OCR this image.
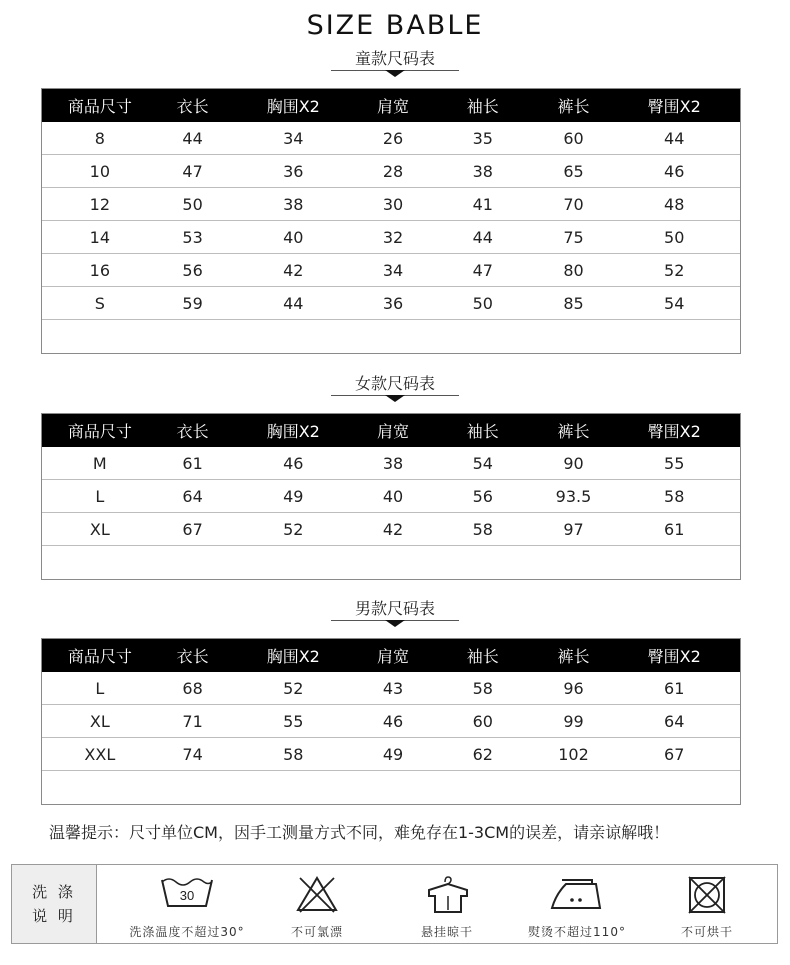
SIZE BABLE
童款尺码表
商品尺寸	衣长	胸围X2	肩宽	袖长	裤长	臀围X2
8	44	34	26	35	60	44
10	47	36	28	38	65	46
12	50	38	30	41	70	48
14	53	40	32	44	75	50
16	56	42	34	47	80	52
S	59	44	36	50	85	54
女款尺码表
商品尺寸	衣长	胸围X2	肩宽	袖长	裤长	臀围X2
M	61	46	38	54	90	55
L	64	49	40	56	93.5	58
XL	67	52	42	58	97	61
男款尺码表
商品尺寸	衣长	胸围X2	肩宽	袖长	裤长	臀围X2
L	68	52	43	58	96	61
XL	71	55	46	60	99	64
XXL	74	58	49	62	102	67
温馨提示：尺寸单位CM，因手工测量方式不同，难免存在1-3CM的误差，请亲谅解哦！
洗 涤
说 明
30
洗涤温度不超过30°	不可氯漂	悬挂晾干	熨烫不超过110°	不可烘干
